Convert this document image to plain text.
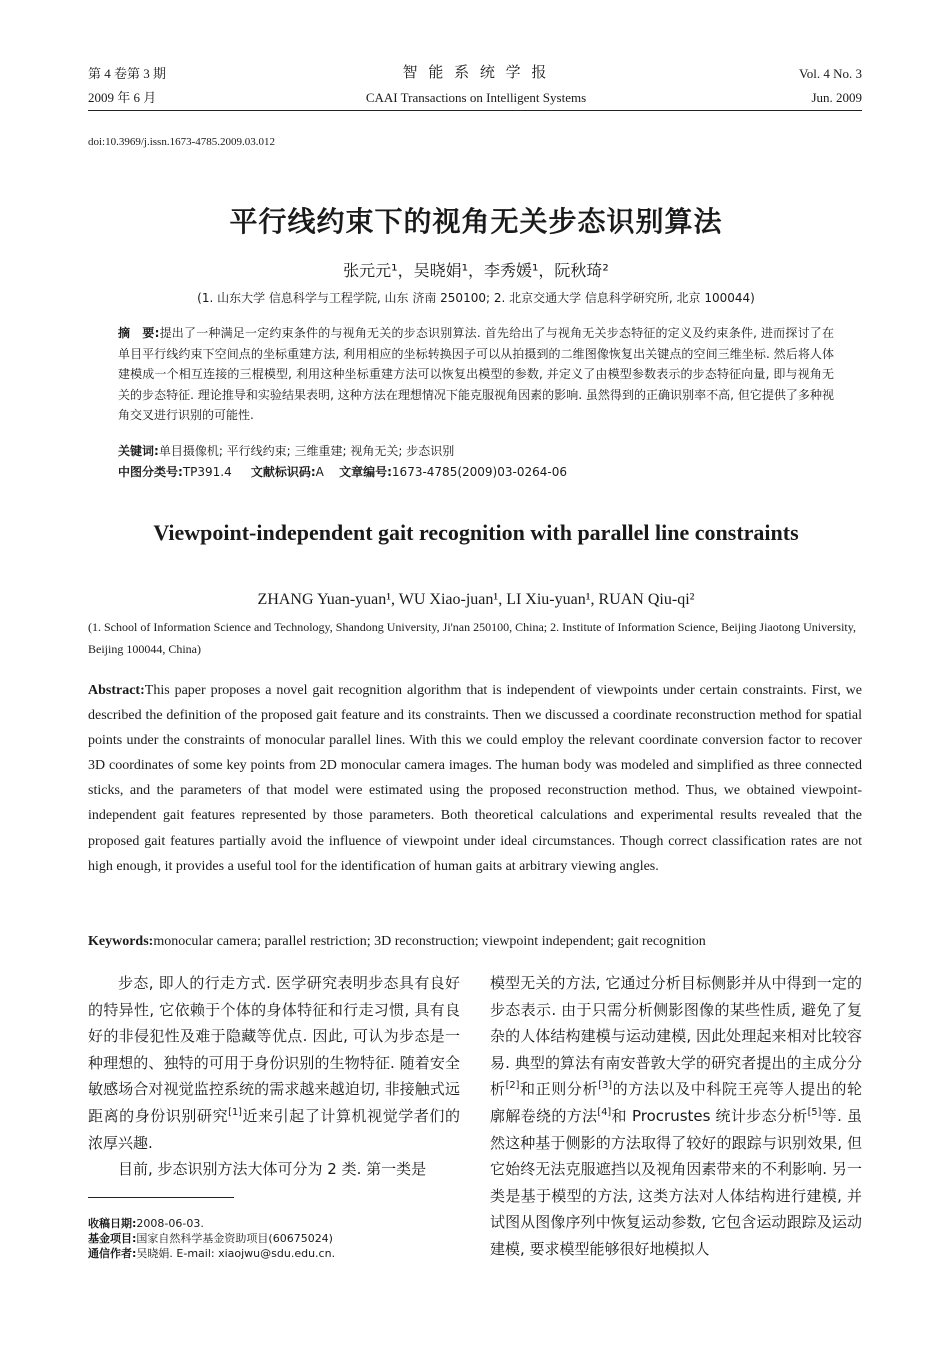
第 4 卷第 3 期
2009 年 6 月
智 能 系 统 学 报
CAAI Transactions on Intelligent Systems
Vol. 4 No. 3
Jun. 2009
doi:10.3969/j.issn.1673-4785.2009.03.012
平行线约束下的视角无关步态识别算法
张元元¹，吴晓娟¹，李秀媛¹，阮秋琦²
(1. 山东大学 信息科学与工程学院, 山东 济南 250100; 2. 北京交通大学 信息科学研究所, 北京 100044)
摘　要:提出了一种满足一定约束条件的与视角无关的步态识别算法. 首先给出了与视角无关步态特征的定义及约束条件, 进而探讨了在单目平行线约束下空间点的坐标重建方法, 利用相应的坐标转换因子可以从拍摄到的二维图像恢复出关键点的空间三维坐标. 然后将人体建模成一个相互连接的三棍模型, 利用这种坐标重建方法可以恢复出模型的参数, 并定义了由模型参数表示的步态特征向量, 即与视角无关的步态特征. 理论推导和实验结果表明, 这种方法在理想情况下能克服视角因素的影响. 虽然得到的正确识别率不高, 但它提供了多种视角交叉进行识别的可能性.
关键词:单目摄像机; 平行线约束; 三维重建; 视角无关; 步态识别
中图分类号:TP391.4 文献标识码:A 文章编号:1673-4785(2009)03-0264-06
Viewpoint-independent gait recognition with parallel line constraints
ZHANG Yuan-yuan¹, WU Xiao-juan¹, LI Xiu-yuan¹, RUAN Qiu-qi²
(1. School of Information Science and Technology, Shandong University, Ji'nan 250100, China; 2. Institute of Information Science, Beijing Jiaotong University, Beijing 100044, China)
Abstract:This paper proposes a novel gait recognition algorithm that is independent of viewpoints under certain constraints. First, we described the definition of the proposed gait feature and its constraints. Then we discussed a coordinate reconstruction method for spatial points under the constraints of monocular parallel lines. With this we could employ the relevant coordinate conversion factor to recover 3D coordinates of some key points from 2D monocular camera images. The human body was modeled and simplified as three connected sticks, and the parameters of that model were estimated using the proposed reconstruction method. Thus, we obtained viewpoint-independent gait features represented by those parameters. Both theoretical calculations and experimental results revealed that the proposed gait features partially avoid the influence of viewpoint under ideal circumstances. Though correct classification rates are not high enough, it provides a useful tool for the identification of human gaits at arbitrary viewing angles.
Keywords:monocular camera; parallel restriction; 3D reconstruction; viewpoint independent; gait recognition

步态, 即人的行走方式. 医学研究表明步态具有良好的特异性, 它依赖于个体的身体特征和行走习惯, 具有良好的非侵犯性及难于隐藏等优点. 因此, 可认为步态是一种理想的、独特的可用于身份识别的生物特征. 随着安全敏感场合对视觉监控系统的需求越来越迫切, 非接触式远距离的身份识别研究[1]近来引起了计算机视觉学者们的浓厚兴趣.

目前, 步态识别方法大体可分为 2 类. 第一类是

模型无关的方法, 它通过分析目标侧影并从中得到一定的步态表示. 由于只需分析侧影图像的某些性质, 避免了复杂的人体结构建模与运动建模, 因此处理起来相对比较容易. 典型的算法有南安普敦大学的研究者提出的主成分分析[2]和正则分析[3]的方法以及中科院王亮等人提出的轮廓解卷绕的方法[4]和 Procrustes 统计步态分析[5]等. 虽然这种基于侧影的方法取得了较好的跟踪与识别效果, 但它始终无法克服遮挡以及视角因素带来的不利影响. 另一类是基于模型的方法, 这类方法对人体结构进行建模, 并试图从图像序列中恢复运动参数, 它包含运动跟踪及运动建模, 要求模型能够很好地模拟人

收稿日期:2008-06-03.
基金项目:国家自然科学基金资助项目(60675024)
通信作者:吴晓娟. E-mail: xiaojwu@sdu.edu.cn.
